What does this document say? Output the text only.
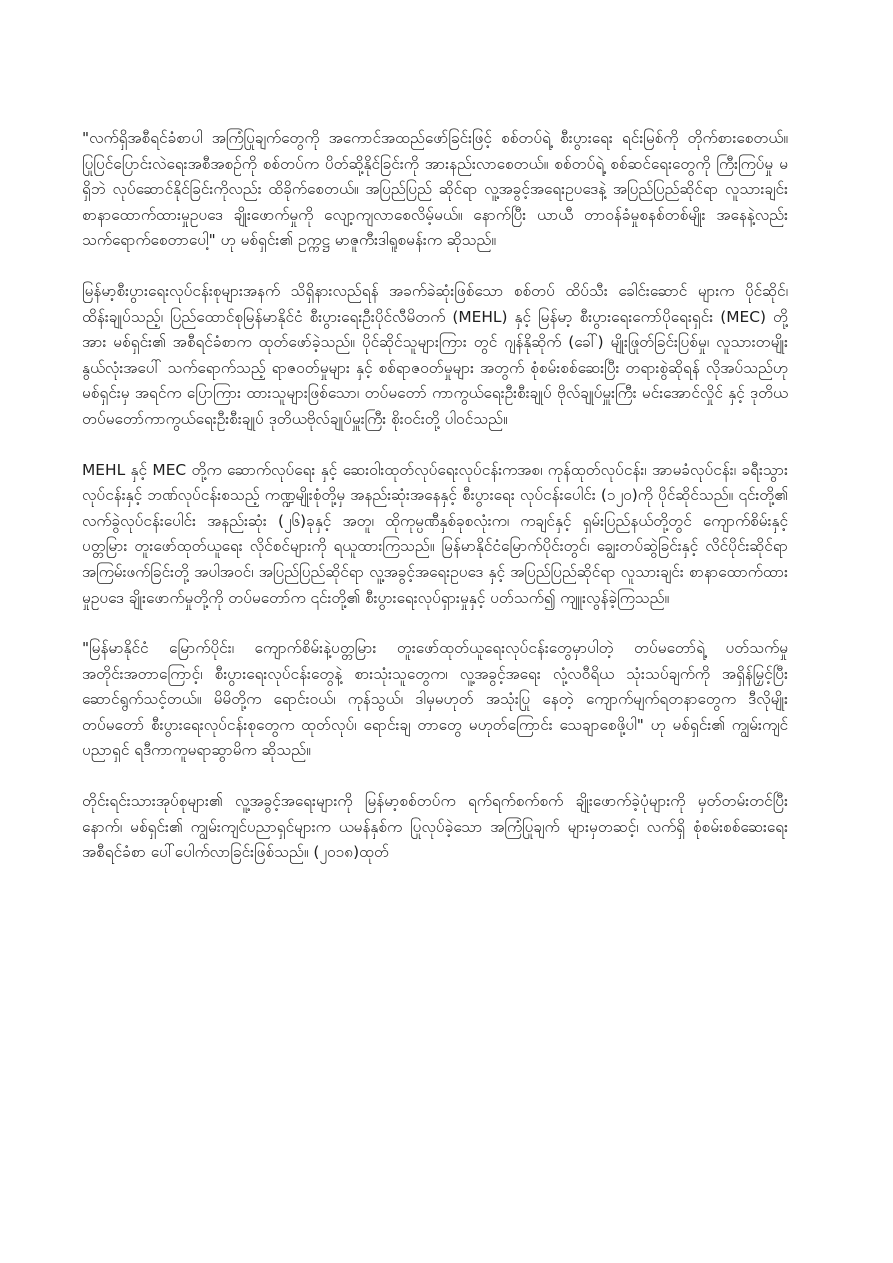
"လက်ရှိအစီရင်ခံစာပါ အကြံပြုချက်တွေကို အကောင်အထည်ဖော်ခြင်းဖြင့် စစ်တပ်ရဲ့ စီးပွားရေး ရင်းမြစ်ကို တိုက်စားစေတယ်။ ပြုပြင်ပြောင်းလဲရေးအစီအစဉ်ကို စစ်တပ်က ပိတ်ဆို့နိုင်ခြင်းကို အားနည်းလာစေတယ်။ စစ်တပ်ရဲ့ စစ်ဆင်ရေးတွေကို ကြီးကြပ်မှု မရှိဘဲ လုပ်ဆောင်နိုင်ခြင်းကိုလည်း ထိခိုက်စေတယ်။ အပြည်ပြည် ဆိုင်ရာ လူ့အခွင့်အရေးဥပဒေနဲ့ အပြည်ပြည်ဆိုင်ရာ လူသားချင်းစာနာထောက်ထားမှုဥပဒေ ချိုးဖောက်မှုကို လျော့ကျလာစေလိမ့်မယ်။ နောက်ပြီး ယာယီ တာဝန်ခံမှုစနစ်တစ်မျိုး အနေနဲ့လည်း သက်ရောက်စေတာပေါ့" ဟု မစ်ရှင်း၏ ဥက္ကဋ္ဌ မာဇူကီးဒါရူစမန်းက ဆိုသည်။

မြန်မာ့စီးပွားရေးလုပ်ငန်းစုများအနက် သိရှိနားလည်ရန် အခက်ခဲဆုံးဖြစ်သော စစ်တပ် ထိပ်သီး ခေါင်းဆောင် များက ပိုင်ဆိုင်၊ ထိန်းချုပ်သည့်၊ ပြည်ထောင်စုမြန်မာနိုင်ငံ စီးပွားရေးဦးပိုင်လီမိတက် (MEHL) နှင့် မြန်မာ့ စီးပွားရေးကော်ပိုရေးရှင်း (MEC) တို့အား မစ်ရှင်း၏ အစီရင်ခံစာက ထုတ်ဖော်ခဲ့သည်။ ပိုင်ဆိုင်သူများကြား တွင် ဂျန်နိုဆိုက် (ခေါ်) မျိုးဖြုတ်ခြင်းပြစ်မှု၊ လူသားတမျိုးနွယ်လုံးအပေါ် သက်ရောက်သည့် ရာဇဝတ်မှုများ နှင့် စစ်ရာဇဝတ်မှုများ အတွက် စုံစမ်းစစ်ဆေးပြီး တရားစွဲဆိုရန် လိုအပ်သည်ဟု မစ်ရှင်းမှ အရင်က ပြောကြား ထားသူများဖြစ်သော၊ တပ်မတော် ကာကွယ်ရေးဦးစီးချုပ် ဗိုလ်ချုပ်မှူးကြီး မင်းအောင်လှိုင် နှင့် ဒုတိယ တပ်မတော်ကာကွယ်ရေးဦးစီးချုပ် ဒုတိယဗိုလ်ချုပ်မှူးကြီး စိုးဝင်းတို့ ပါဝင်သည်။

MEHL နှင့် MEC တို့က ဆောက်လုပ်ရေး နှင့် ဆေးဝါးထုတ်လုပ်ရေးလုပ်ငန်းကအစ၊ ကုန်ထုတ်လုပ်ငန်း၊ အာမခံလုပ်ငန်း၊ ခရီးသွားလုပ်ငန်းနှင့် ဘဏ်လုပ်ငန်းစသည့် ကဏ္ဍမျိုးစုံတို့မှ အနည်းဆုံးအနေနှင့် စီးပွားရေး လုပ်ငန်းပေါင်း (၁၂၀)ကို ပိုင်ဆိုင်သည်။ ၎င်းတို့၏ လက်ခွဲလုပ်ငန်းပေါင်း အနည်းဆုံး (၂၆)ခုနှင့် အတူ၊ ထိုကုမ္ပဏီနှစ်ခုစလုံးက၊ ကချင်နှင့် ရှမ်းပြည်နယ်တို့တွင် ကျောက်စိမ်းနှင့်ပတ္တမြား တူးဖော်ထုတ်ယူရေး လိုင်စင်များကို ရယူထားကြသည်။ မြန်မာနိုင်ငံမြောက်ပိုင်းတွင်၊ ချွေးတပ်ဆွဲခြင်းနှင့် လိင်ပိုင်းဆိုင်ရာ အကြမ်းဖက်ခြင်းတို့ အပါအဝင်၊ အပြည်ပြည်ဆိုင်ရာ လူ့အခွင့်အရေးဥပဒေ နှင့် အပြည်ပြည်ဆိုင်ရာ လူသားချင်း စာနာထောက်ထားမှုဥပဒေ ချိုးဖောက်မှုတို့ကို တပ်မတော်က ၎င်းတို့၏ စီးပွားရေးလုပ်ရှားမှုနှင့် ပတ်သက်၍ ကျူးလွန်ခဲ့ကြသည်။

"မြန်မာနိုင်ငံ မြောက်ပိုင်း၊ ကျောက်စိမ်းနဲ့ပတ္တမြား တူးဖော်ထုတ်ယူရေးလုပ်ငန်းတွေမှာပါတဲ့ တပ်မတော်ရဲ့ ပတ်သက်မှု အတိုင်းအတာကြောင့်၊ စီးပွားရေးလုပ်ငန်းတွေနဲ့ စားသုံးသူတွေက၊ လူ့အခွင့်အရေး လုံ့လဝီရိယ သုံးသပ်ချက်ကို အရှိန်မြှင့်ပြီး ဆောင်ရွက်သင့်တယ်။ မိမိတို့က ရောင်းဝယ်၊ ကုန်သွယ်၊ ဒါမှမဟုတ် အသုံးပြု နေတဲ့ ကျောက်မျက်ရတနာတွေက ဒီလိုမျိုး တပ်မတော် စီးပွားရေးလုပ်ငန်းစုတွေက ထုတ်လုပ်၊ ရောင်းချ တာတွေ မဟုတ်ကြောင်း သေချာစေဖို့ပါ" ဟု မစ်ရှင်း၏ ကျွမ်းကျင်ပညာရှင် ရဒီကာကူမရာဆွာမိက ဆိုသည်။

တိုင်းရင်းသားအုပ်စုများ၏ လူ့အခွင့်အရေးများကို မြန်မာ့စစ်တပ်က ရက်ရက်စက်စက် ချိုးဖောက်ခဲ့ပုံများကို မှတ်တမ်းတင်ပြီးနောက်၊ မစ်ရှင်း၏ ကျွမ်းကျင်ပညာရှင်များက ယမန်နှစ်က ပြုလုပ်ခဲ့သော အကြံပြုချက် များမှတဆင့်၊ လက်ရှိ စုံစမ်းစစ်ဆေးရေး အစီရင်ခံစာ ပေါ်ပေါက်လာခြင်းဖြစ်သည်။ (၂၀၁၈)ထုတ်
